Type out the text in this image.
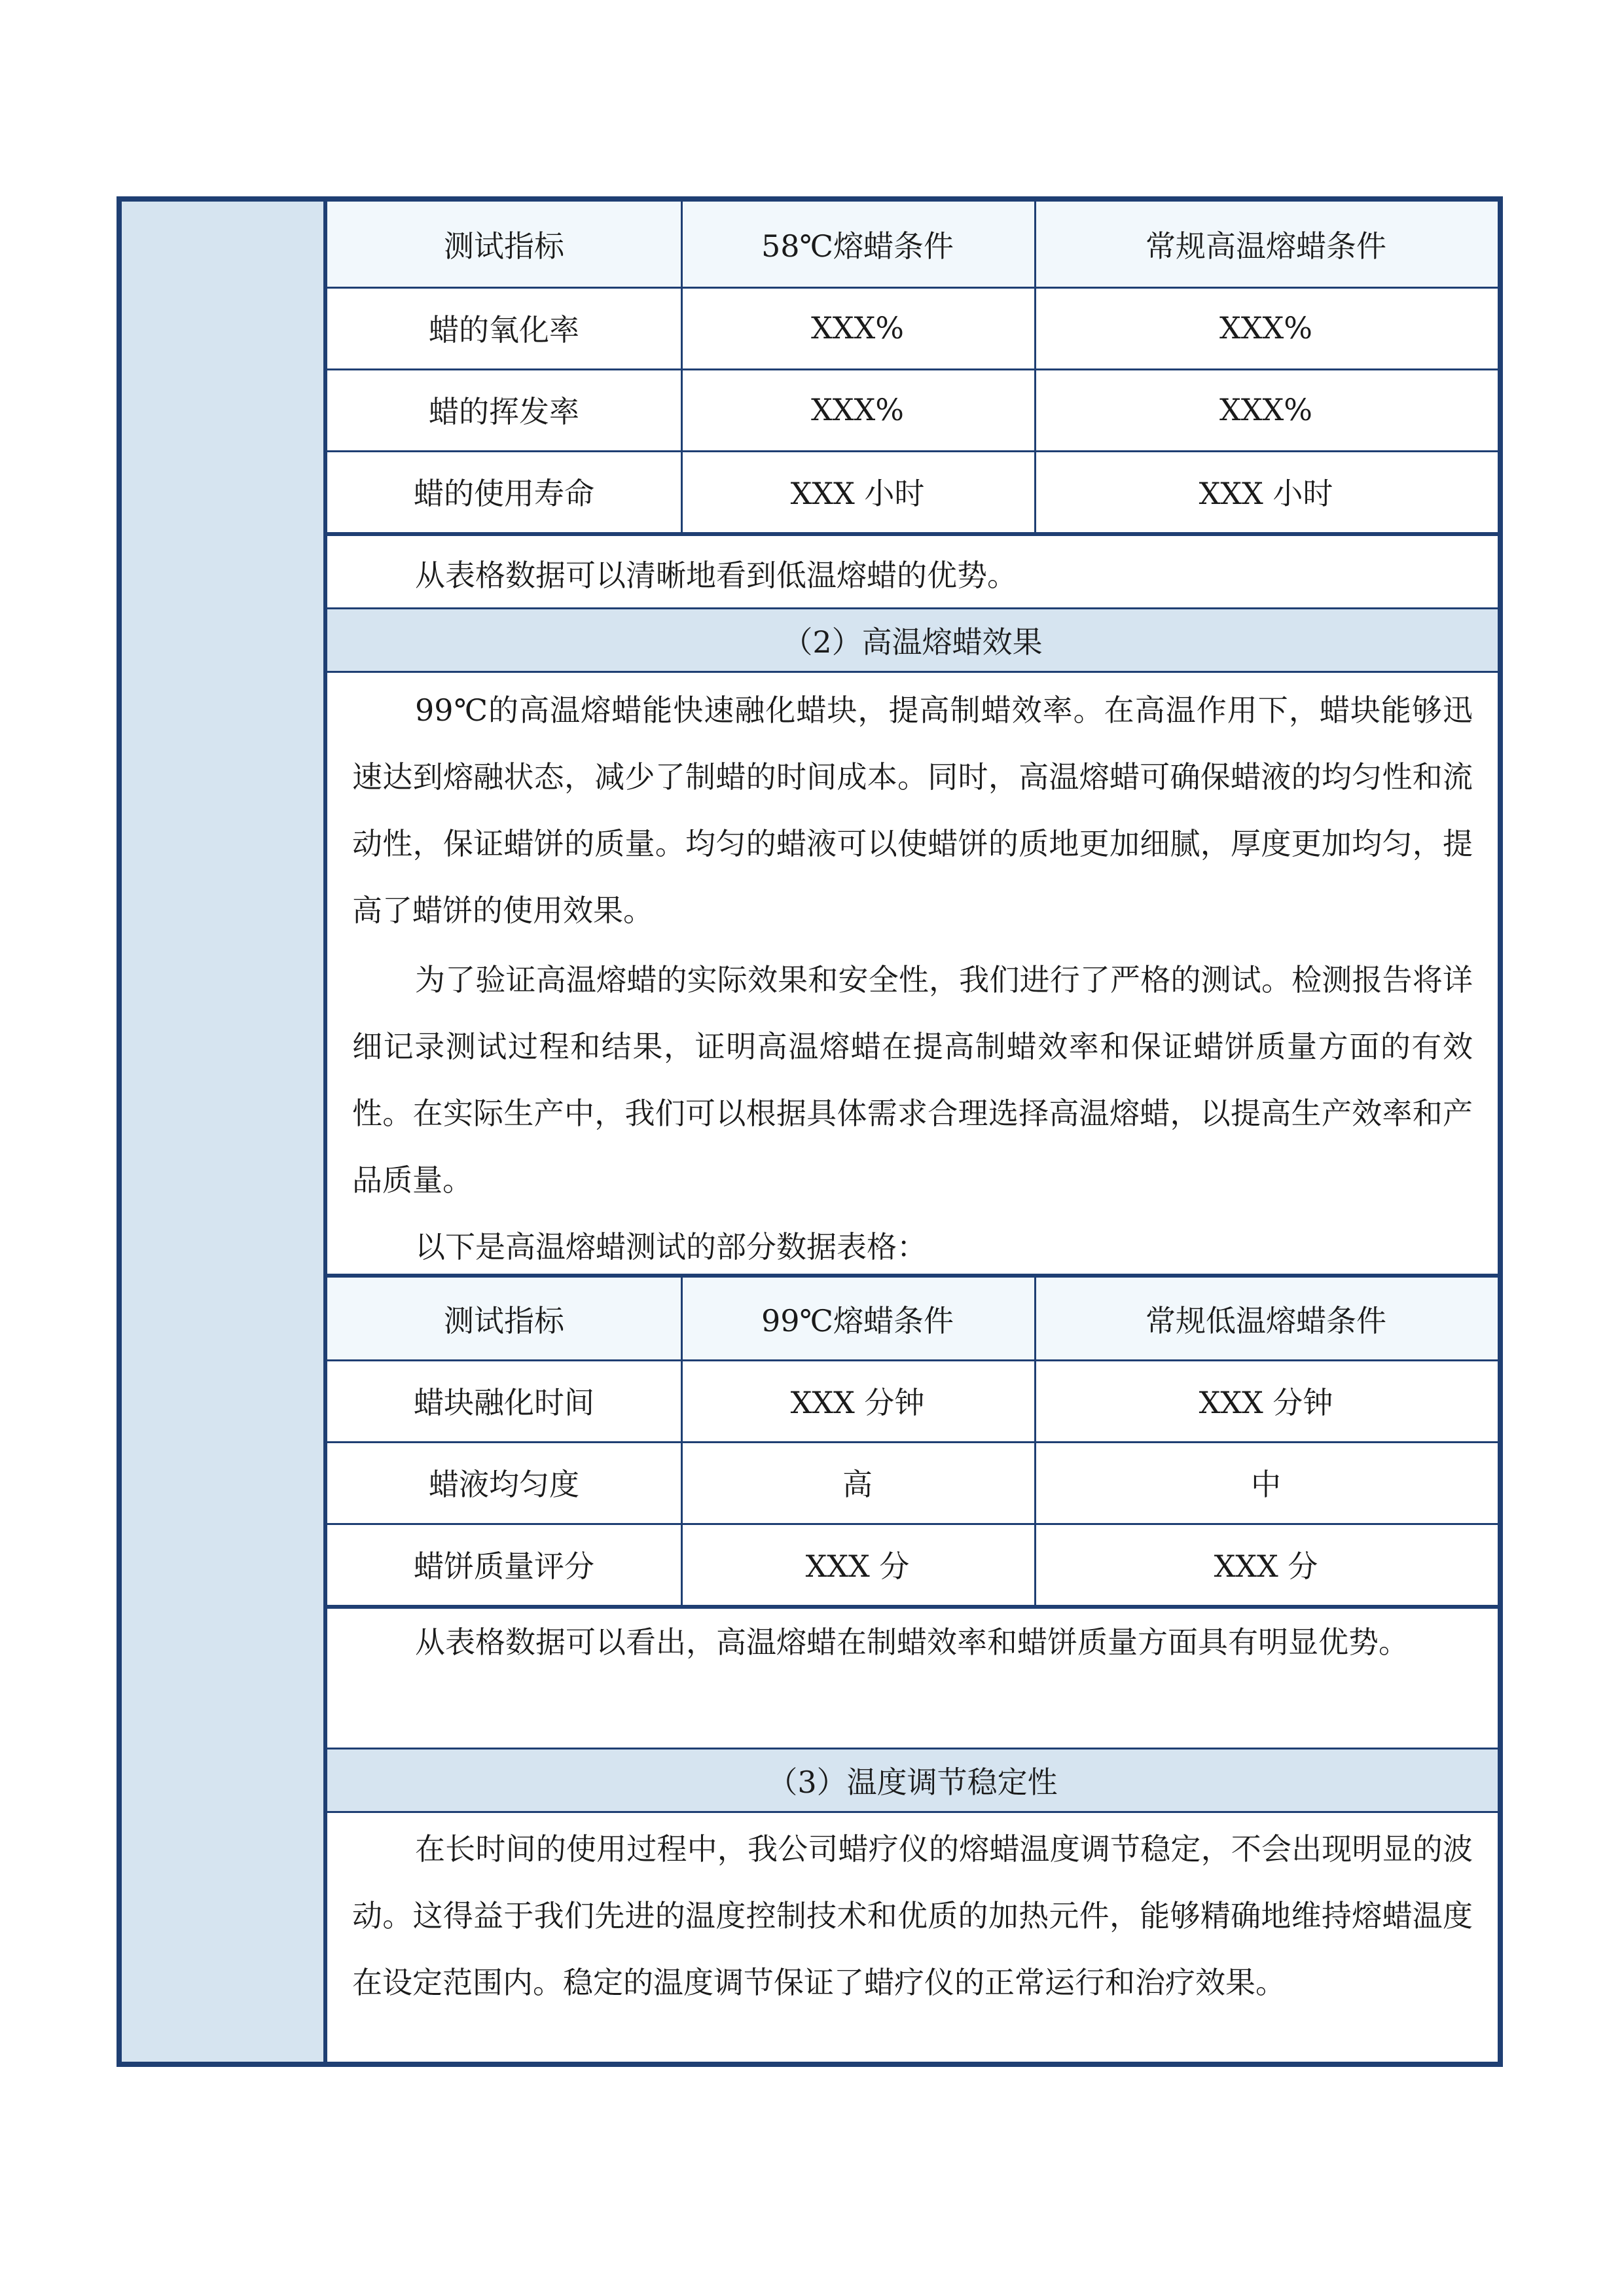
测试指标	58℃熔蜡条件	常规高温熔蜡条件
蜡的氧化率	XXX%	XXX%
蜡的挥发率	XXX%	XXX%
蜡的使用寿命	XXX 小时	XXX 小时
从表格数据可以清晰地看到低温熔蜡的优势。
（2）高温熔蜡效果
99℃的高温熔蜡能快速融化蜡块，提高制蜡效率。在高温作用下，蜡块能够迅速达到熔融状态，减少了制蜡的时间成本。同时，高温熔蜡可确保蜡液的均匀性和流动性，保证蜡饼的质量。均匀的蜡液可以使蜡饼的质地更加细腻，厚度更加均匀，提高了蜡饼的使用效果。
为了验证高温熔蜡的实际效果和安全性，我们进行了严格的测试。检测报告将详细记录测试过程和结果，证明高温熔蜡在提高制蜡效率和保证蜡饼质量方面的有效性。在实际生产中，我们可以根据具体需求合理选择高温熔蜡，以提高生产效率和产品质量。
以下是高温熔蜡测试的部分数据表格：
测试指标	99℃熔蜡条件	常规低温熔蜡条件
蜡块融化时间	XXX 分钟	XXX 分钟
蜡液均匀度	高	中
蜡饼质量评分	XXX 分	XXX 分
从表格数据可以看出，高温熔蜡在制蜡效率和蜡饼质量方面具有明显优势。
（3）温度调节稳定性
在长时间的使用过程中，我公司蜡疗仪的熔蜡温度调节稳定，不会出现明显的波动。这得益于我们先进的温度控制技术和优质的加热元件，能够精确地维持熔蜡温度在设定范围内。稳定的温度调节保证了蜡疗仪的正常运行和治疗效果。
